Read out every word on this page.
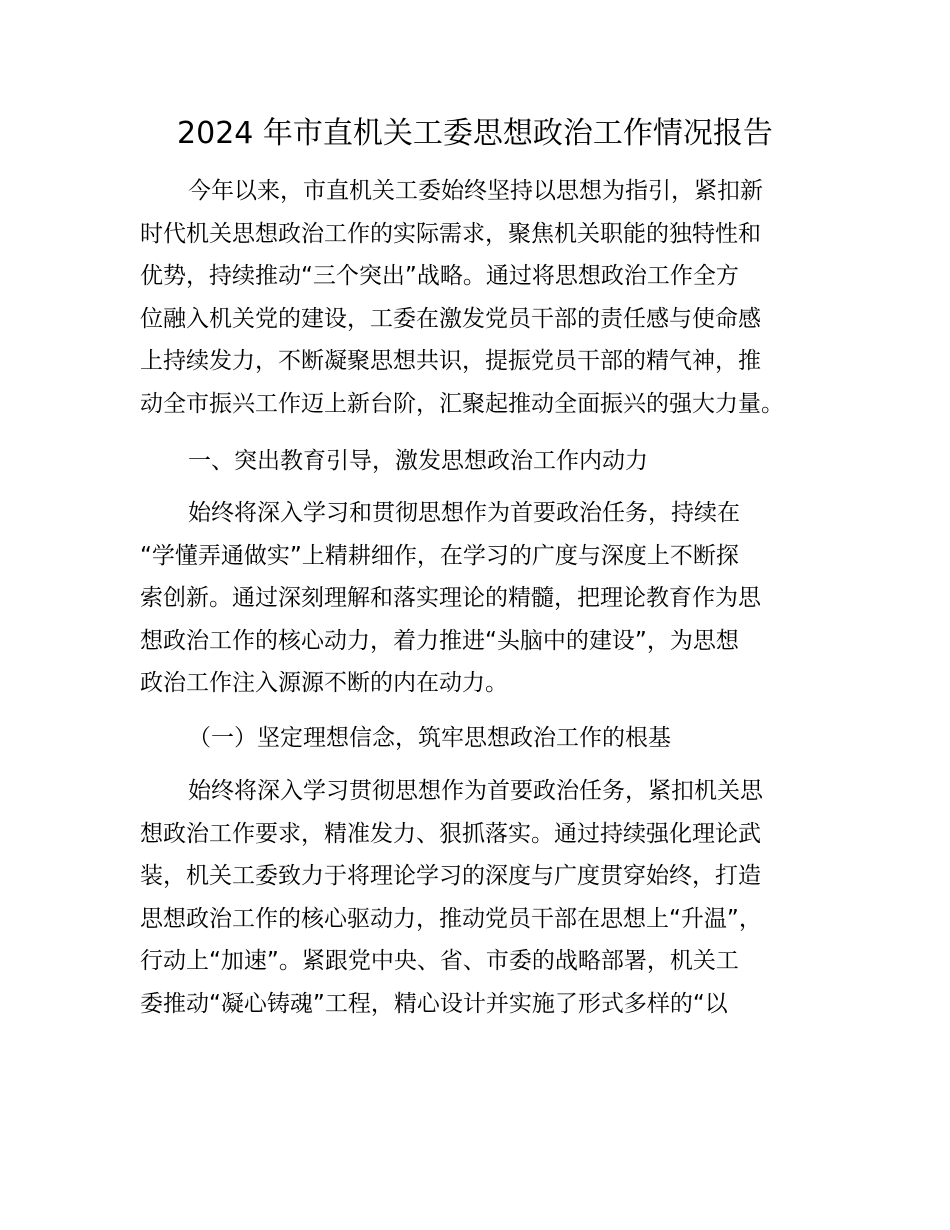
2024 年市直机关工委思想政治工作情况报告
今年以来，市直机关工委始终坚持以思想为指引，紧扣新
时代机关思想政治工作的实际需求，聚焦机关职能的独特性和
优势，持续推动“三个突出”战略。通过将思想政治工作全方
位融入机关党的建设，工委在激发党员干部的责任感与使命感
上持续发力，不断凝聚思想共识，提振党员干部的精气神，推
动全市振兴工作迈上新台阶，汇聚起推动全面振兴的强大力量。
一、突出教育引导，激发思想政治工作内动力
始终将深入学习和贯彻思想作为首要政治任务，持续在
“学懂弄通做实”上精耕细作，在学习的广度与深度上不断探
索创新。通过深刻理解和落实理论的精髓，把理论教育作为思
想政治工作的核心动力，着力推进“头脑中的建设”，为思想
政治工作注入源源不断的内在动力。
（一）坚定理想信念，筑牢思想政治工作的根基
始终将深入学习贯彻思想作为首要政治任务，紧扣机关思
想政治工作要求，精准发力、狠抓落实。通过持续强化理论武
装，机关工委致力于将理论学习的深度与广度贯穿始终，打造
思想政治工作的核心驱动力，推动党员干部在思想上“升温”，
行动上“加速”。紧跟党中央、省、市委的战略部署，机关工
委推动“凝心铸魂”工程，精心设计并实施了形式多样的“以
